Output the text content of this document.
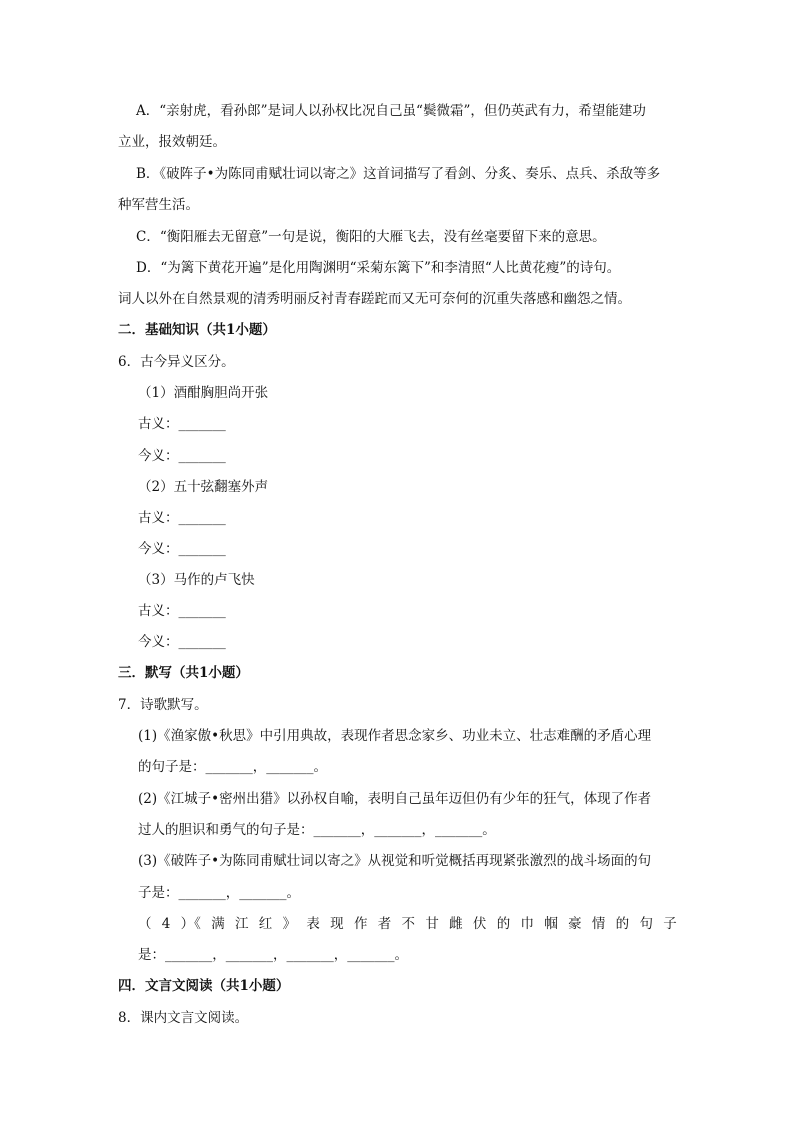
A．“亲射虎，看孙郎”是词人以孙权比况自己虽“鬓微霜”，但仍英武有力，希望能建功
立业，报效朝廷。
B．《破阵子•为陈同甫赋壮词以寄之》这首词描写了看剑、分炙、奏乐、点兵、杀敌等多
种军营生活。
C．“衡阳雁去无留意”一句是说，衡阳的大雁飞去，没有丝毫要留下来的意思。
D．“为篱下黄花开遍”是化用陶渊明“采菊东篱下”和李清照“人比黄花瘦”的诗句。
词人以外在自然景观的清秀明丽反衬青春蹉跎而又无可奈何的沉重失落感和幽怨之情。
二．基础知识（共1小题）
6．古今异义区分。
（1）酒酣胸胆尚开张
古义：_______
今义：_______
（2）五十弦翻塞外声
古义：_______
今义：_______
（3）马作的卢飞快
古义：_______
今义：_______
三．默写（共1小题）
7．诗歌默写。
(1)《渔家傲•秋思》中引用典故，表现作者思念家乡、功业未立、壮志难酬的矛盾心理
的句子是：_______，_______。
(2)《江城子•密州出猎》以孙权自喻，表明自己虽年迈但仍有少年的狂气，体现了作者
过人的胆识和勇气的句子是：_______，_______，_______。
(3)《破阵子•为陈同甫赋壮词以寄之》从视觉和听觉概括再现紧张激烈的战斗场面的句
子是：_______，_______。
（ 4 ）《 满 江 红 》 表 现 作 者 不 甘 雌 伏 的 巾 帼 豪 情 的 句 子
是：_______，_______，_______，_______。
四．文言文阅读（共1小题）
8．课内文言文阅读。
